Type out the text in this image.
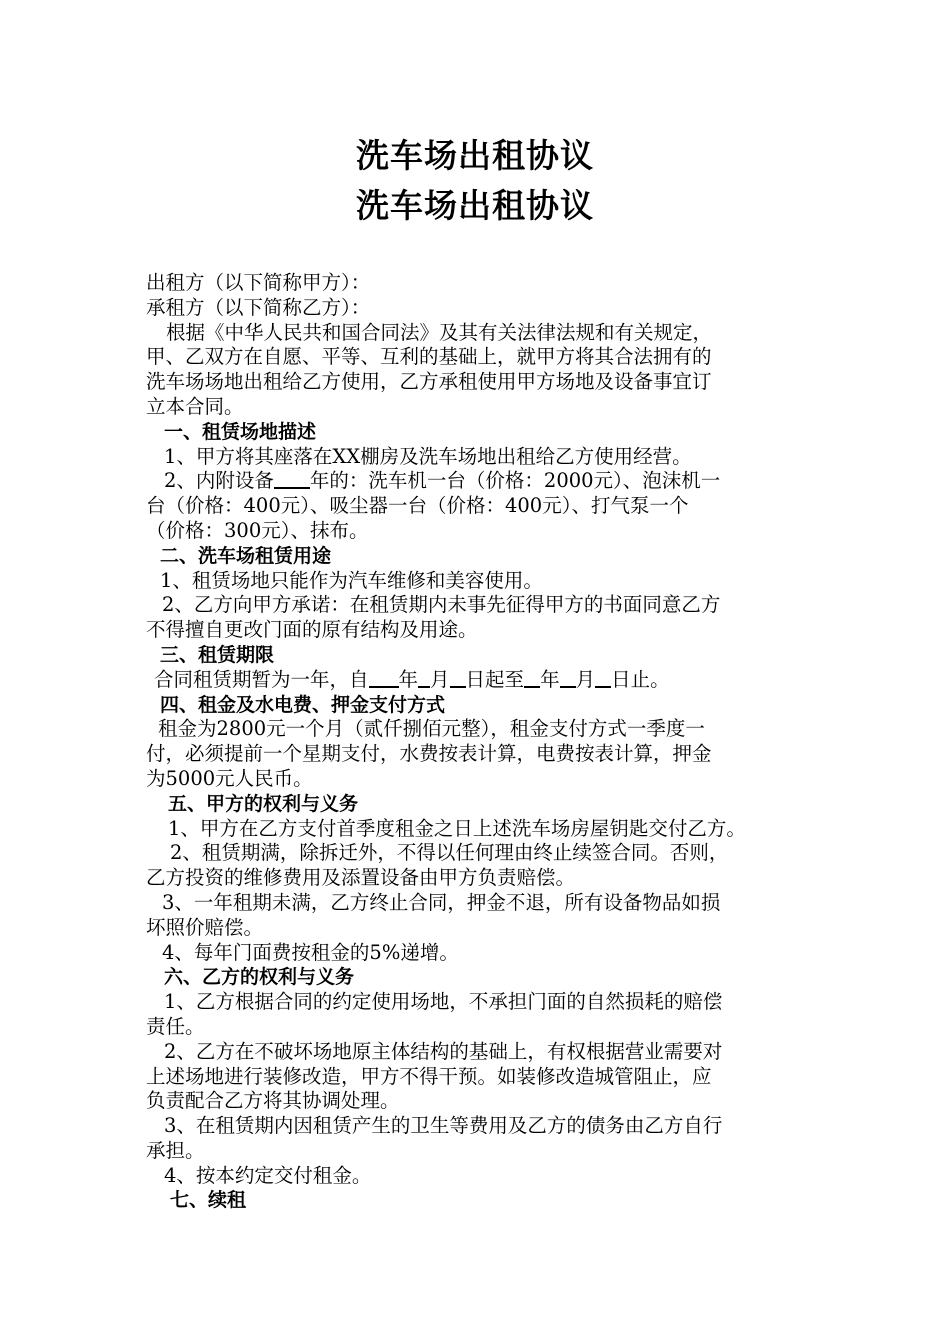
洗车场出租协议
洗车场出租协议
出租方（以下简称甲方）：
承租方（以下简称乙方）：
根据《中华人民共和国合同法》及其有关法律法规和有关规定，
甲、乙双方在自愿、平等、互利的基础上，就甲方将其合法拥有的
洗车场场地出租给乙方使用，乙方承租使用甲方场地及设备事宜订
立本合同。
一、租赁场地描述
1、甲方将其座落在XX棚房及洗车场地出租给乙方使用经营。
2、内附设备 年的：洗车机一台（价格：2000元）、泡沫机一
台（价格：400元）、吸尘器一台（价格：400元）、打气泵一个
（价格：300元）、抹布。
二、洗车场租赁用途
1、租赁场地只能作为汽车维修和美容使用。
2、乙方向甲方承诺：在租赁期内未事先征得甲方的书面同意乙方
不得擅自更改门面的原有结构及用途。
三、租赁期限
合同租赁期暂为一年，自 年 月 日起至 年 月 日止。
四、租金及水电费、押金支付方式
租金为2800元一个月（贰仟捌佰元整），租金支付方式一季度一
付，必须提前一个星期支付，水费按表计算，电费按表计算，押金
为5000元人民币。
五、甲方的权利与义务
1、甲方在乙方支付首季度租金之日上述洗车场房屋钥匙交付乙方。
2、租赁期满，除拆迁外，不得以任何理由终止续签合同。否则，
乙方投资的维修费用及添置设备由甲方负责赔偿。
3、一年租期未满，乙方终止合同，押金不退，所有设备物品如损
坏照价赔偿。
4、每年门面费按租金的5%递增。
六、乙方的权利与义务
1、乙方根据合同的约定使用场地，不承担门面的自然损耗的赔偿
责任。
2、乙方在不破坏场地原主体结构的基础上，有权根据营业需要对
上述场地进行装修改造，甲方不得干预。如装修改造城管阻止，应
负责配合乙方将其协调处理。
3、在租赁期内因租赁产生的卫生等费用及乙方的债务由乙方自行
承担。
4、按本约定交付租金。
七、续租
